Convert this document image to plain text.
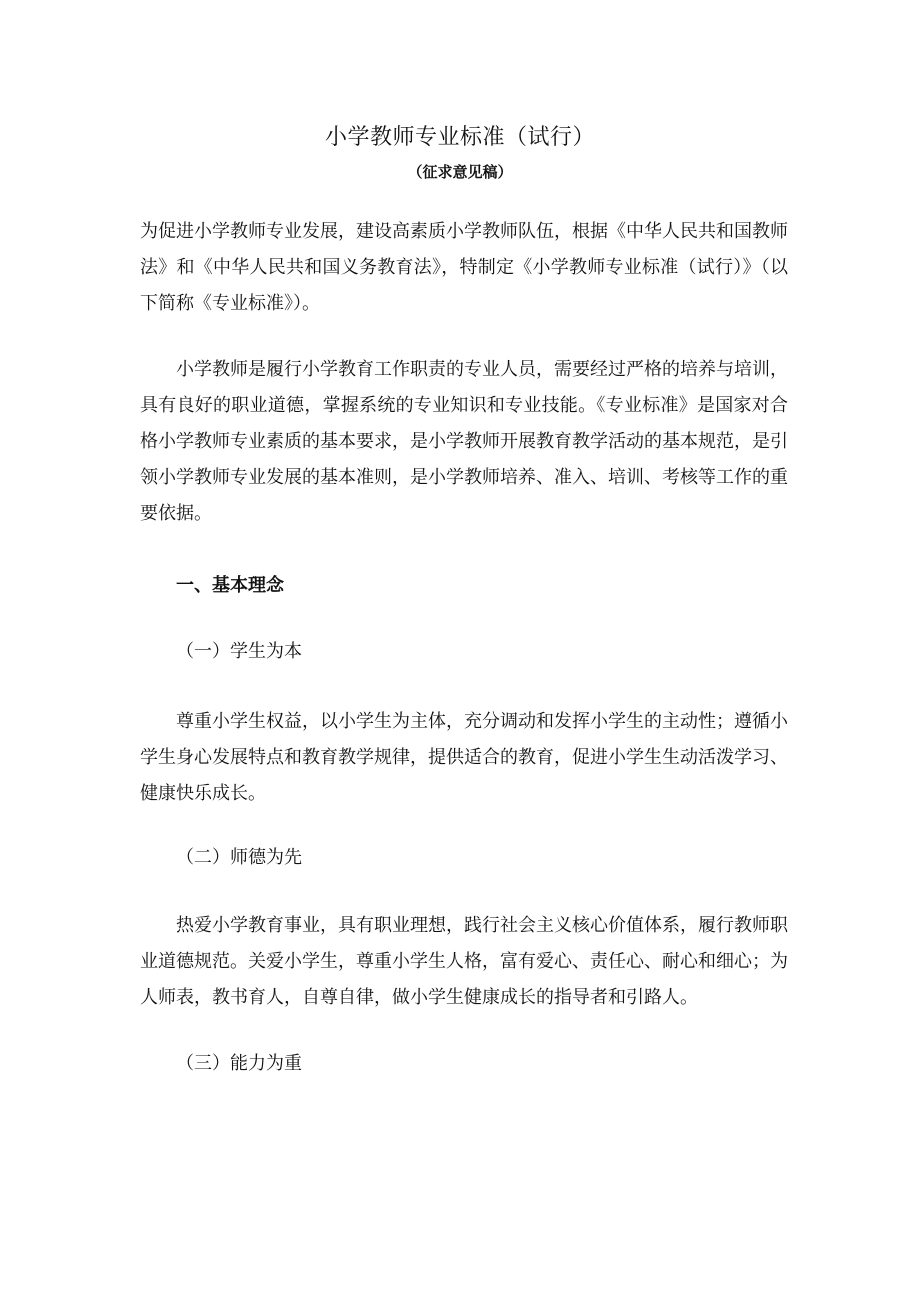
小学教师专业标准（试行）
（征求意见稿）

为促进小学教师专业发展，建设高素质小学教师队伍，根据《中华人民共和国教师法》和《中华人民共和国义务教育法》，特制定《小学教师专业标准（试行）》（以下简称《专业标准》）。

小学教师是履行小学教育工作职责的专业人员，需要经过严格的培养与培训，具有良好的职业道德，掌握系统的专业知识和专业技能。《专业标准》是国家对合格小学教师专业素质的基本要求，是小学教师开展教育教学活动的基本规范，是引领小学教师专业发展的基本准则，是小学教师培养、准入、培训、考核等工作的重要依据。

一、基本理念
（一）学生为本

尊重小学生权益，以小学生为主体，充分调动和发挥小学生的主动性；遵循小学生身心发展特点和教育教学规律，提供适合的教育，促进小学生生动活泼学习、健康快乐成长。

（二）师德为先

热爱小学教育事业，具有职业理想，践行社会主义核心价值体系，履行教师职业道德规范。关爱小学生，尊重小学生人格，富有爱心、责任心、耐心和细心；为人师表，教书育人，自尊自律，做小学生健康成长的指导者和引路人。

（三）能力为重
